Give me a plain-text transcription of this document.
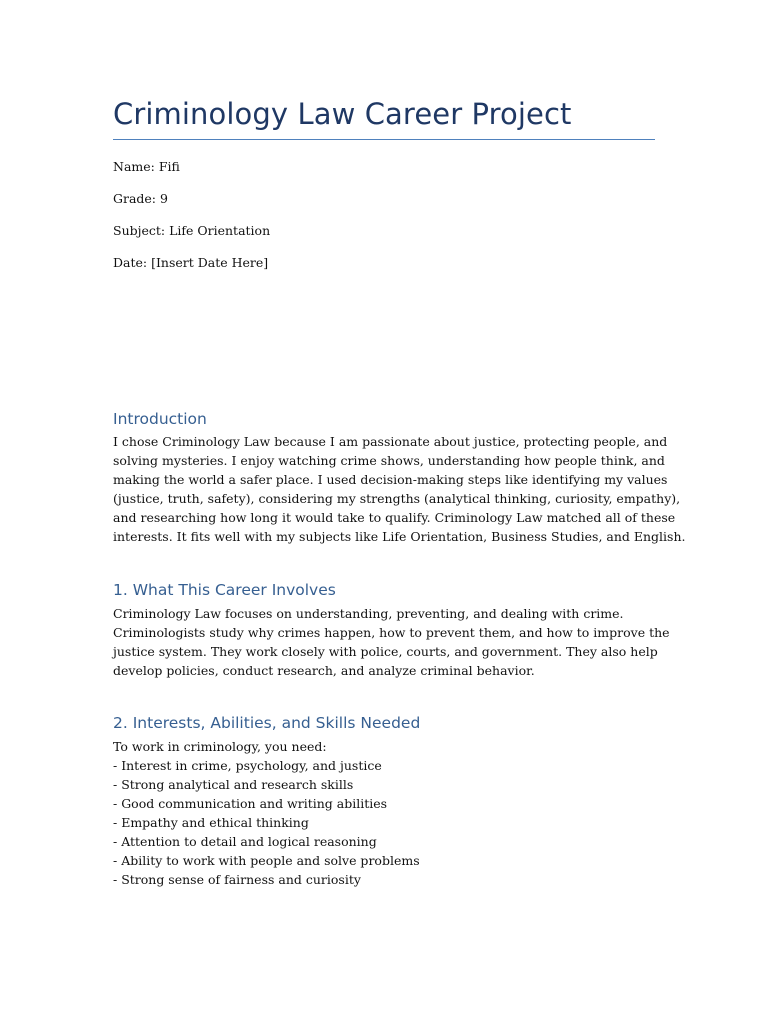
Criminology Law Career Project
Name: Fifi
Grade: 9
Subject: Life Orientation
Date: [Insert Date Here]
Introduction
I chose Criminology Law because I am passionate about justice, protecting people, and
solving mysteries. I enjoy watching crime shows, understanding how people think, and
making the world a safer place. I used decision-making steps like identifying my values
(justice, truth, safety), considering my strengths (analytical thinking, curiosity, empathy),
and researching how long it would take to qualify. Criminology Law matched all of these
interests. It fits well with my subjects like Life Orientation, Business Studies, and English.
1. What This Career Involves
Criminology Law focuses on understanding, preventing, and dealing with crime.
Criminologists study why crimes happen, how to prevent them, and how to improve the
justice system. They work closely with police, courts, and government. They also help
develop policies, conduct research, and analyze criminal behavior.
2. Interests, Abilities, and Skills Needed
To work in criminology, you need:
- Interest in crime, psychology, and justice
- Strong analytical and research skills
- Good communication and writing abilities
- Empathy and ethical thinking
- Attention to detail and logical reasoning
- Ability to work with people and solve problems
- Strong sense of fairness and curiosity
